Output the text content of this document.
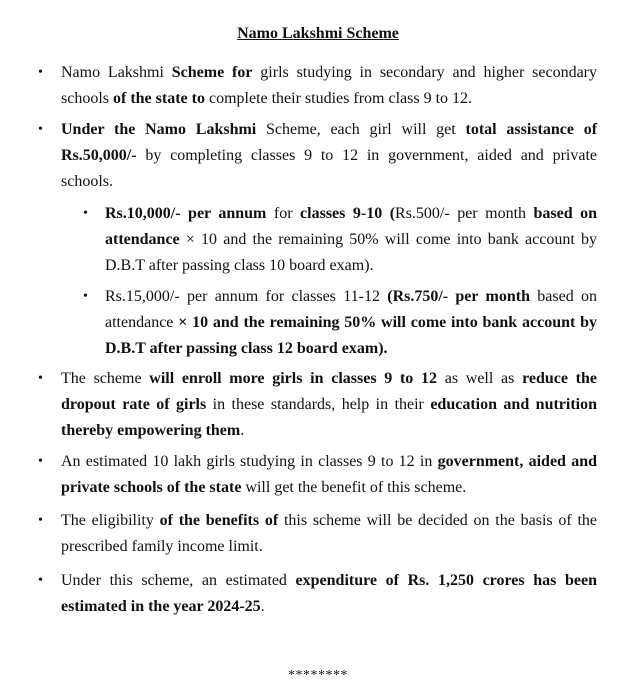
Namo Lakshmi Scheme
• Namo Lakshmi Scheme for girls studying in secondary and higher secondary schools of the state to complete their studies from class 9 to 12.
• Under the Namo Lakshmi Scheme, each girl will get total assistance of Rs.50,000/- by completing classes 9 to 12 in government, aided and private schools.
• Rs.10,000/- per annum for classes 9-10 (Rs.500/- per month based on attendance × 10 and the remaining 50% will come into bank account by D.B.T after passing class 10 board exam).
• Rs.15,000/- per annum for classes 11-12 (Rs.750/- per month based on attendance × 10 and the remaining 50% will come into bank account by D.B.T after passing class 12 board exam).
• The scheme will enroll more girls in classes 9 to 12 as well as reduce the dropout rate of girls in these standards, help in their education and nutrition thereby empowering them.
• An estimated 10 lakh girls studying in classes 9 to 12 in government, aided and private schools of the state will get the benefit of this scheme.
• The eligibility of the benefits of this scheme will be decided on the basis of the prescribed family income limit.
• Under this scheme, an estimated expenditure of Rs. 1,250 crores has been estimated in the year 2024-25.
********
